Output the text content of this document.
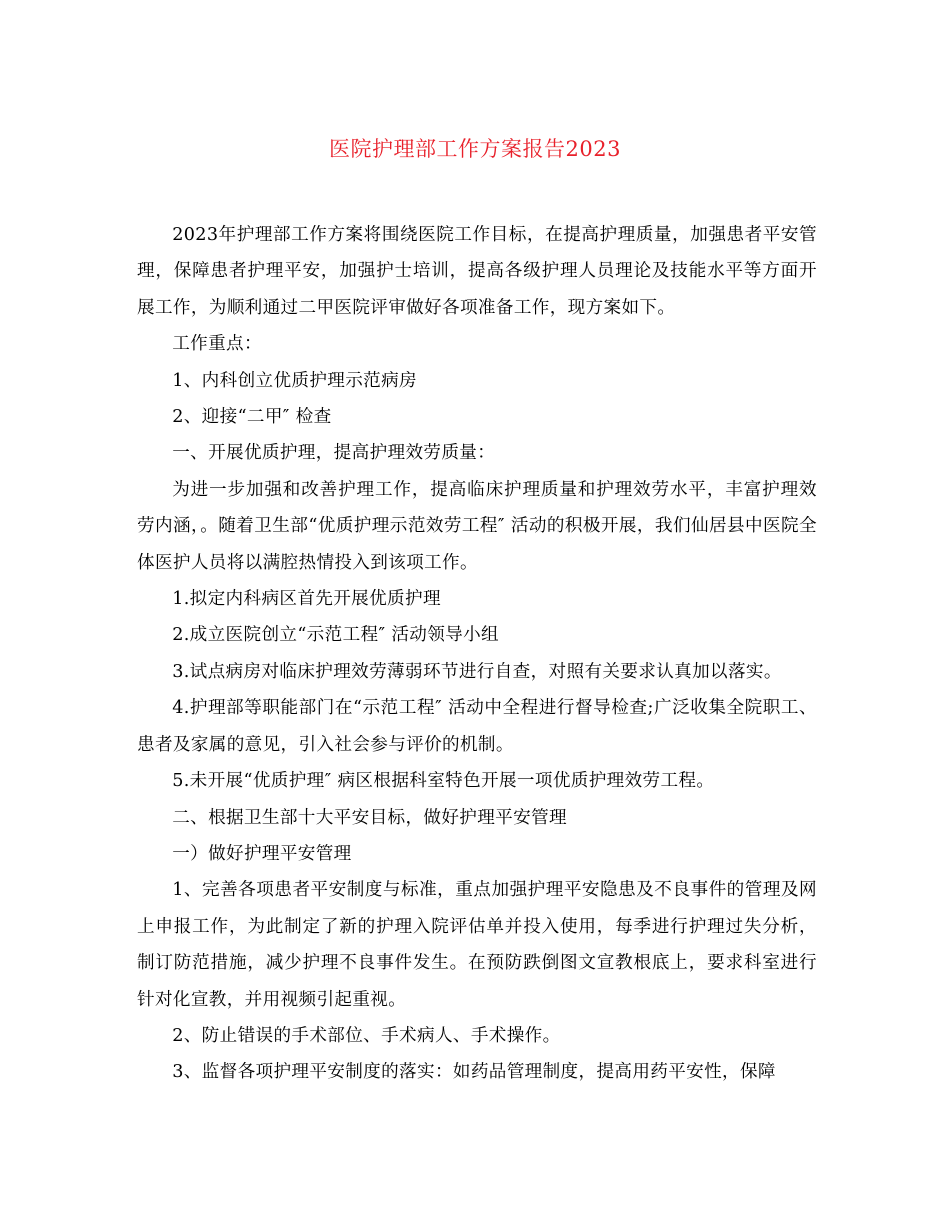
医院护理部工作方案报告2023

2023年护理部工作方案将围绕医院工作目标，在提高护理质量，加强患者平安管理，保障患者护理平安，加强护士培训，提高各级护理人员理论及技能水平等方面开展工作，为顺利通过二甲医院评审做好各项准备工作，现方案如下。

工作重点：

1、内科创立优质护理示范病房

2、迎接“二甲″ 检查

一、开展优质护理，提高护理效劳质量：

为进一步加强和改善护理工作，提高临床护理质量和护理效劳水平，丰富护理效劳内涵，。随着卫生部“优质护理示范效劳工程″ 活动的积极开展，我们仙居县中医院全体医护人员将以满腔热情投入到该项工作。

1.拟定内科病区首先开展优质护理

2.成立医院创立“示范工程″ 活动领导小组

3.试点病房对临床护理效劳薄弱环节进行自查，对照有关要求认真加以落实。

4.护理部等职能部门在“示范工程″ 活动中全程进行督导检查;广泛收集全院职工、患者及家属的意见，引入社会参与评价的机制。

5.未开展“优质护理″ 病区根据科室特色开展一项优质护理效劳工程。

二、根据卫生部十大平安目标，做好护理平安管理

一）做好护理平安管理

1、完善各项患者平安制度与标准，重点加强护理平安隐患及不良事件的管理及网上申报工作，为此制定了新的护理入院评估单并投入使用，每季进行护理过失分析，制订防范措施，减少护理不良事件发生。在预防跌倒图文宣教根底上，要求科室进行针对化宣教，并用视频引起重视。

2、防止错误的手术部位、手术病人、手术操作。

3、监督各项护理平安制度的落实：如药品管理制度，提高用药平安性，保障
